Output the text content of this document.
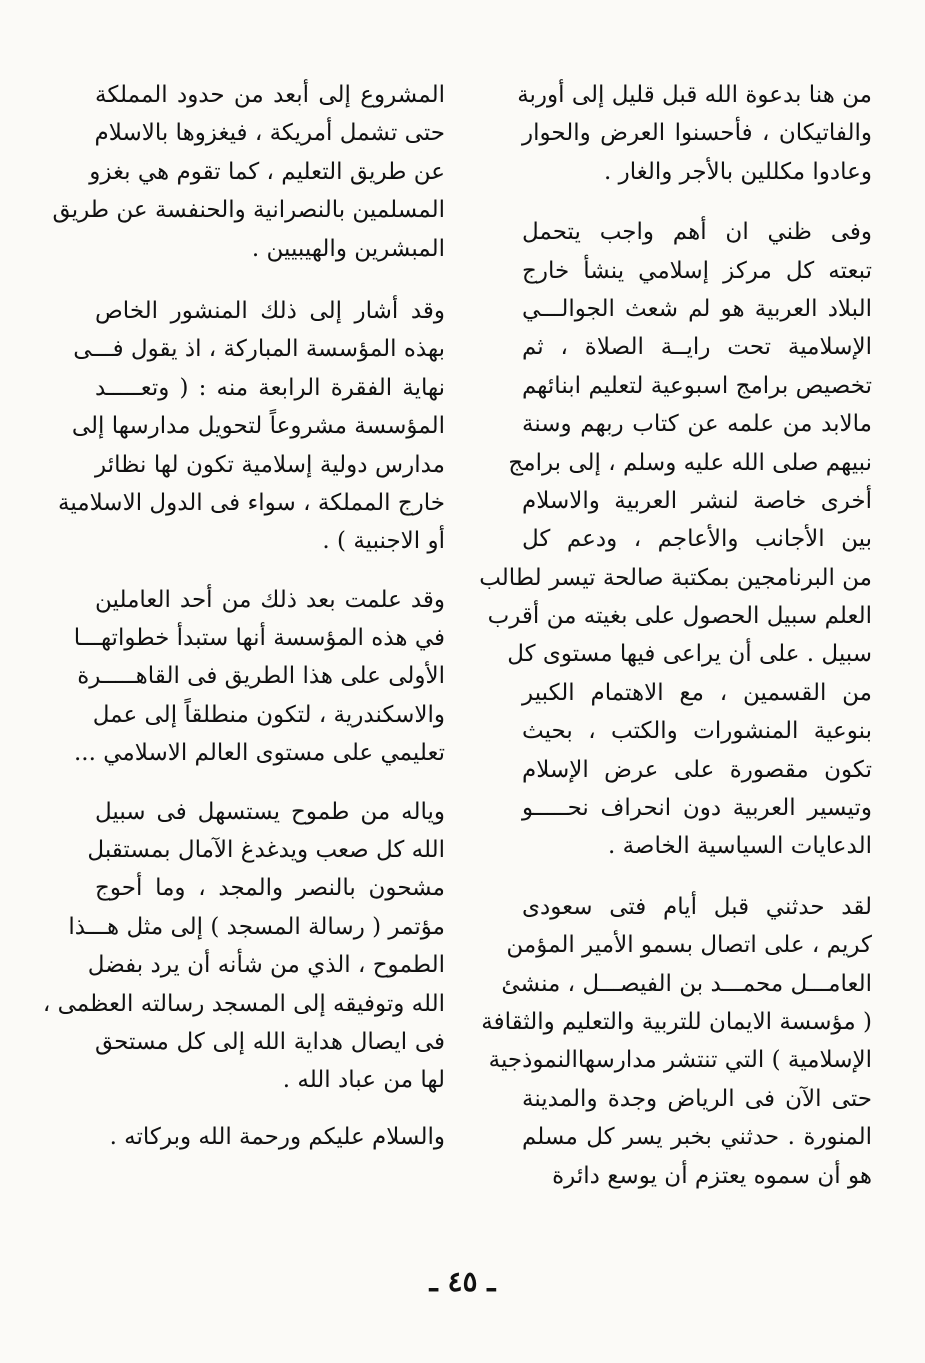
من هنا بدعوة الله قبل قليل إلى أوربة
والفاتيكان ، فأحسنوا العرض والحوار
وعادوا مكللين بالأجر والغار .
وفى ظني ان أهم واجب يتحمل
تبعته كل مركز إسلامي ينشأ خارج
البلاد العربية هو لم شعث الجوالـــي
الإسلامية تحت رايــة الصلاة ، ثم
تخصيص برامج اسبوعية لتعليم ابنائهم
مالابد من علمه عن كتاب ربهم وسنة
نبيهم صلى الله عليه وسلم ، إلى برامج
أخرى خاصة لنشر العربية والاسلام
بين الأجانب والأعاجم ، ودعم كل
من البرنامجين بمكتبة صالحة تيسر لطالب
العلم سبيل الحصول على بغيته من أقرب
سبيل . على أن يراعى فيها مستوى كل
من القسمين ، مع الاهتمام الكبير
بنوعية المنشورات والكتب ، بحيث
تكون مقصورة على عرض الإسلام
وتيسير العربية دون انحراف نحـــــو
الدعايات السياسية الخاصة .
لقد حدثني قبل أيام فتى سعودى
كريم ، على اتصال بسمو الأمير المؤمن
العامـــل محمـــد بن الفيصـــل ، منشئ
( مؤسسة الايمان للتربية والتعليم والثقافة
الإسلامية ) التي تنتشر مدارسهاالنموذجية
حتى الآن فى الرياض وجدة والمدينة
المنورة . حدثني بخبر يسر كل مسلم
هو أن سموه يعتزم أن يوسع دائرة
المشروع إلى أبعد من حدود المملكة
حتى تشمل أمريكة ، فيغزوها بالاسلام
عن طريق التعليم ، كما تقوم هي بغزو
المسلمين بالنصرانية والحنفسة عن طريق
المبشرين والهيبيين .
وقد أشار إلى ذلك المنشور الخاص
بهذه المؤسسة المباركة ، اذ يقول فـــى
نهاية الفقرة الرابعة منه : ( وتعـــــد
المؤسسة مشروعاً لتحويل مدارسها إلى
مدارس دولية إسلامية تكون لها نظائر
خارج المملكة ، سواء فى الدول الاسلامية
أو الاجنبية ) .
وقد علمت بعد ذلك من أحد العاملين
في هذه المؤسسة أنها ستبدأ خطواتهـــا
الأولى على هذا الطريق فى القاهـــــرة
والاسكندرية ، لتكون منطلقاً إلى عمل
تعليمي على مستوى العالم الاسلامي ...
وياله من طموح يستسهل فى سبيل
الله كل صعب ويدغدغ الآمال بمستقبل
مشحون بالنصر والمجد ، وما أحوج
مؤتمر ( رسالة المسجد ) إلى مثل هـــذا
الطموح ، الذي من شأنه أن يرد بفضل
الله وتوفيقه إلى المسجد رسالته العظمى ،
فى ايصال هداية الله إلى كل مستحق
لها من عباد الله .
والسلام عليكم ورحمة الله وبركاته .
ـ ٤٥ ـ
